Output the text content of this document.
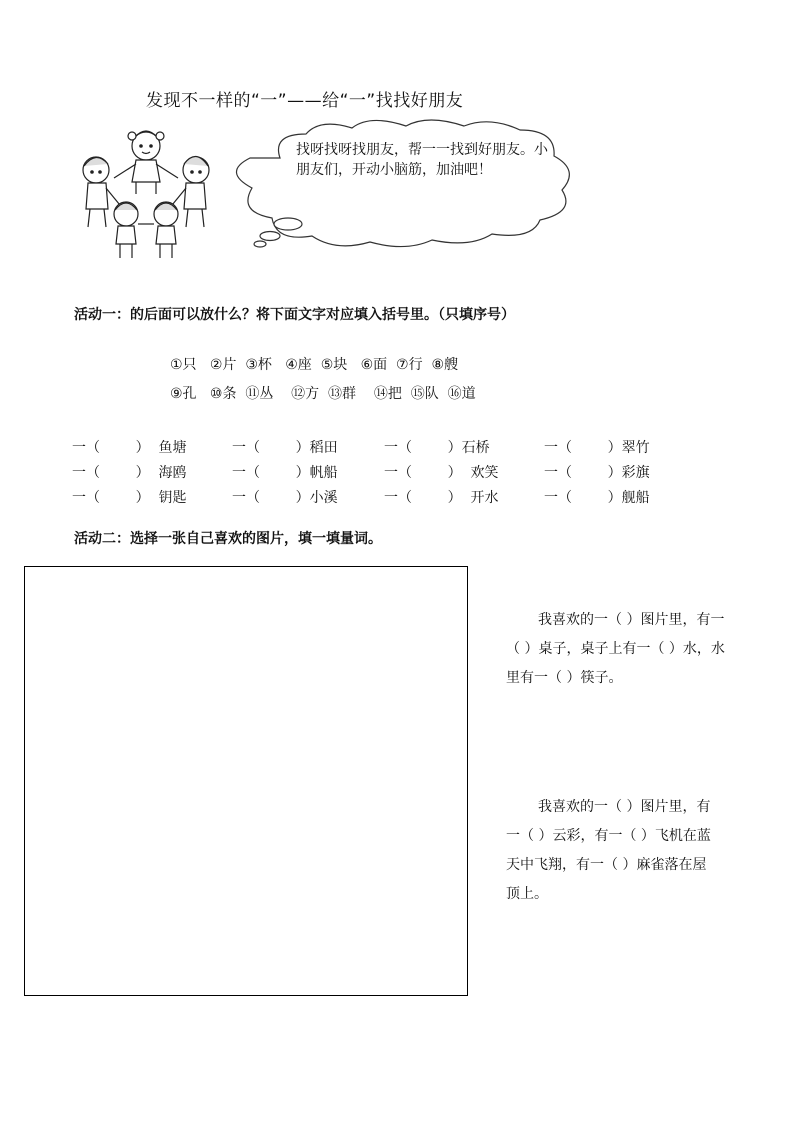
发现不一样的“一”——给“一”找找好朋友
找呀找呀找朋友，帮一一找到好朋友。小朋友们，开动小脑筋，加油吧！
活动一：的后面可以放什么？将下面文字对应填入括号里。（只填序号）
①只   ②片  ③杯   ④座  ⑤块   ⑥面  ⑦行  ⑧艘
⑨孔   ⑩条  ⑪丛    ⑫方  ⑬群    ⑭把  ⑮队  ⑯道
一（        ）  鱼塘	一（        ）稻田	一（        ）石桥	一（        ）翠竹
一（        ）  海鸥	一（        ）帆船	一（        ）  欢笑	一（        ）彩旗
一（        ）  钥匙	一（        ）小溪	一（        ）  开水	一（        ）舰船
活动二：选择一张自己喜欢的图片，填一填量词。
我喜欢的一（ ）图片里，有一（ ）桌子，桌子上有一（ ）水，水里有一（ ）筷子。
我喜欢的一（ ）图片里，有一（ ）云彩，有一（ ）飞机在蓝天中飞翔，有一（ ）麻雀落在屋顶上。
